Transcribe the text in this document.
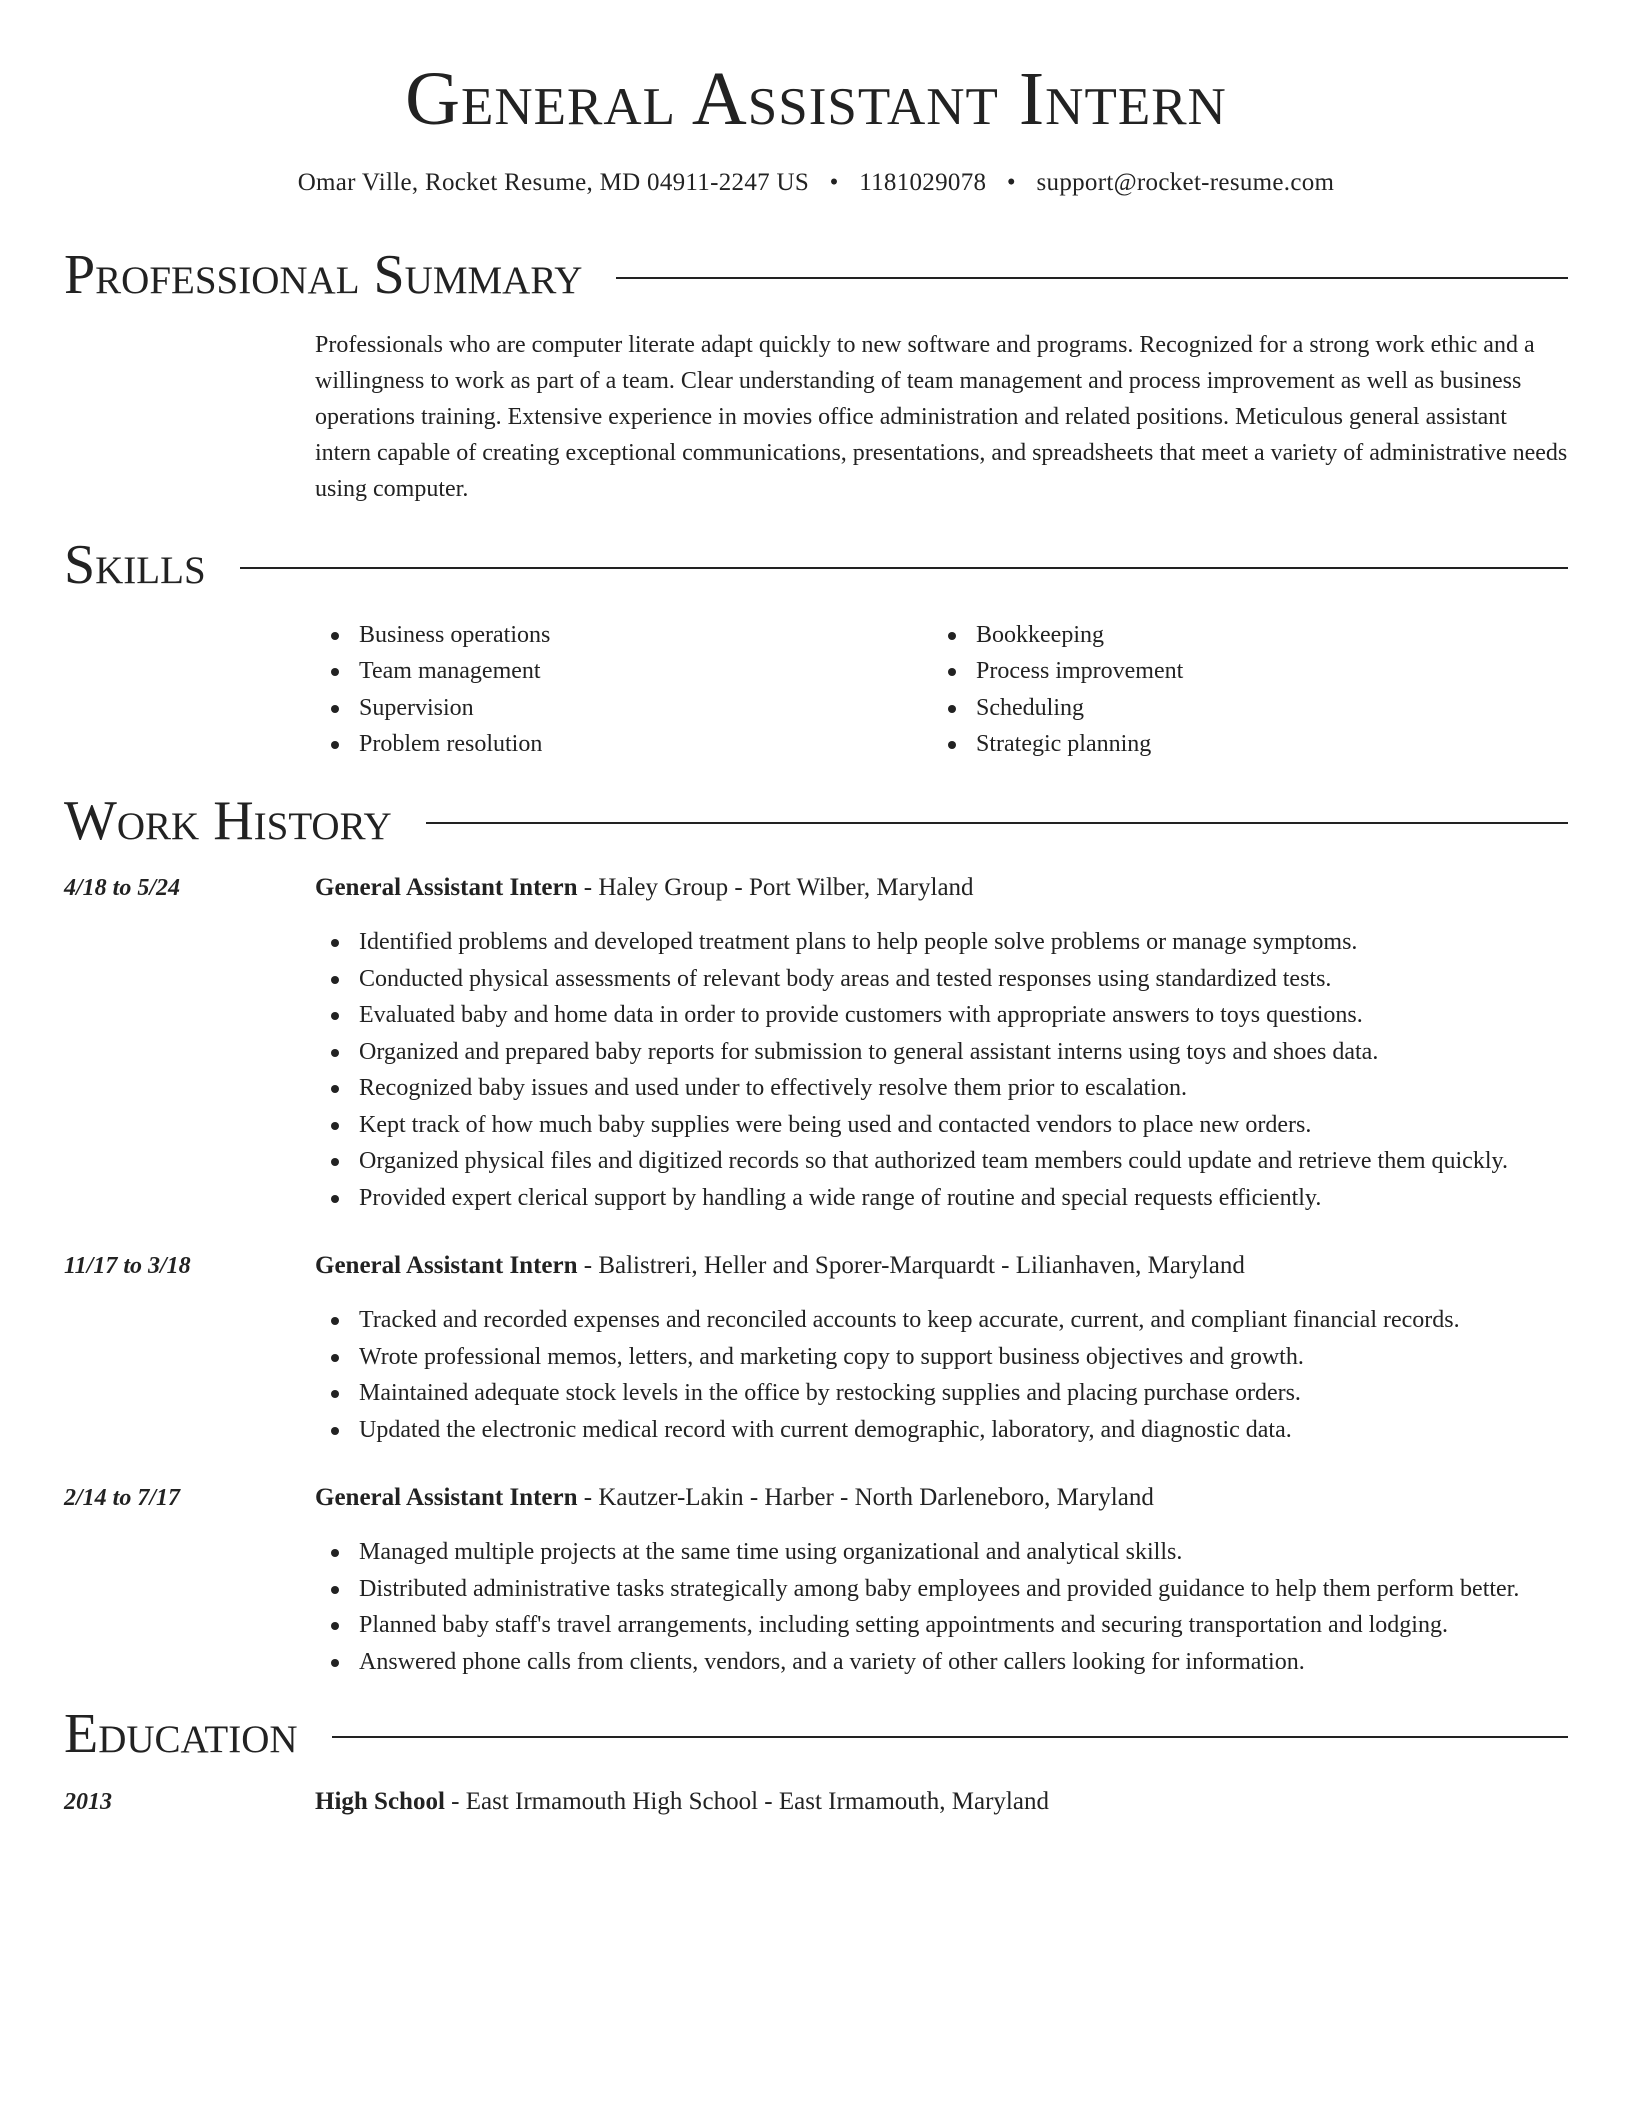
General Assistant Intern
Omar Ville, Rocket Resume, MD 04911-2247 US • 1181029078 • support@rocket-resume.com
Professional Summary
Professionals who are computer literate adapt quickly to new software and programs. Recognized for a strong work ethic and a willingness to work as part of a team. Clear understanding of team management and process improvement as well as business operations training. Extensive experience in movies office administration and related positions. Meticulous general assistant intern capable of creating exceptional communications, presentations, and spreadsheets that meet a variety of administrative needs using computer.
Skills
Business operations
Team management
Supervision
Problem resolution
Bookkeeping
Process improvement
Scheduling
Strategic planning
Work History
4/18 to 5/24	General Assistant Intern - Haley Group - Port Wilber, Maryland
Identified problems and developed treatment plans to help people solve problems or manage symptoms.
Conducted physical assessments of relevant body areas and tested responses using standardized tests.
Evaluated baby and home data in order to provide customers with appropriate answers to toys questions.
Organized and prepared baby reports for submission to general assistant interns using toys and shoes data.
Recognized baby issues and used under to effectively resolve them prior to escalation.
Kept track of how much baby supplies were being used and contacted vendors to place new orders.
Organized physical files and digitized records so that authorized team members could update and retrieve them quickly.
Provided expert clerical support by handling a wide range of routine and special requests efficiently.
11/17 to 3/18	General Assistant Intern - Balistreri, Heller and Sporer-Marquardt - Lilianhaven, Maryland
Tracked and recorded expenses and reconciled accounts to keep accurate, current, and compliant financial records.
Wrote professional memos, letters, and marketing copy to support business objectives and growth.
Maintained adequate stock levels in the office by restocking supplies and placing purchase orders.
Updated the electronic medical record with current demographic, laboratory, and diagnostic data.
2/14 to 7/17	General Assistant Intern - Kautzer-Lakin - Harber - North Darleneboro, Maryland
Managed multiple projects at the same time using organizational and analytical skills.
Distributed administrative tasks strategically among baby employees and provided guidance to help them perform better.
Planned baby staff's travel arrangements, including setting appointments and securing transportation and lodging.
Answered phone calls from clients, vendors, and a variety of other callers looking for information.
Education
2013	High School - East Irmamouth High School - East Irmamouth, Maryland
